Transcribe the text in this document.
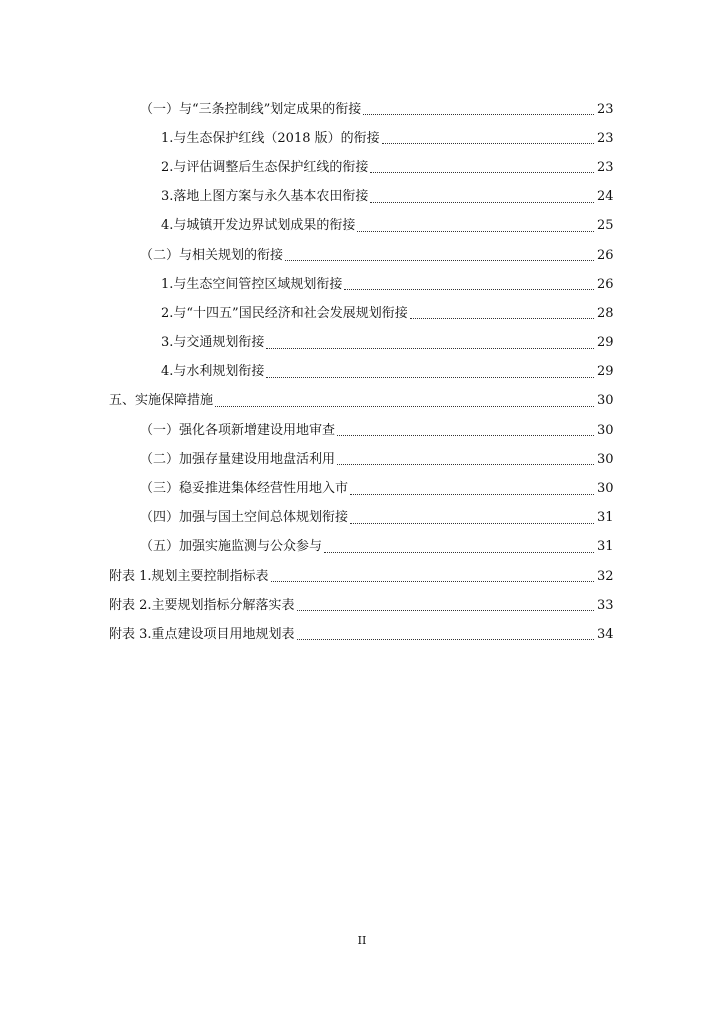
（一）与“三条控制线”划定成果的衔接	23
1.与生态保护红线（2018 版）的衔接	23
2.与评估调整后生态保护红线的衔接	23
3.落地上图方案与永久基本农田衔接	24
4.与城镇开发边界试划成果的衔接	25
（二）与相关规划的衔接	26
1.与生态空间管控区域规划衔接	26
2.与“十四五”国民经济和社会发展规划衔接	28
3.与交通规划衔接	29
4.与水利规划衔接	29
五、实施保障措施	30
（一）强化各项新增建设用地审查	30
（二）加强存量建设用地盘活利用	30
（三）稳妥推进集体经营性用地入市	30
（四）加强与国土空间总体规划衔接	31
（五）加强实施监测与公众参与	31
附表 1.规划主要控制指标表	32
附表 2.主要规划指标分解落实表	33
附表 3.重点建设项目用地规划表	34
II
